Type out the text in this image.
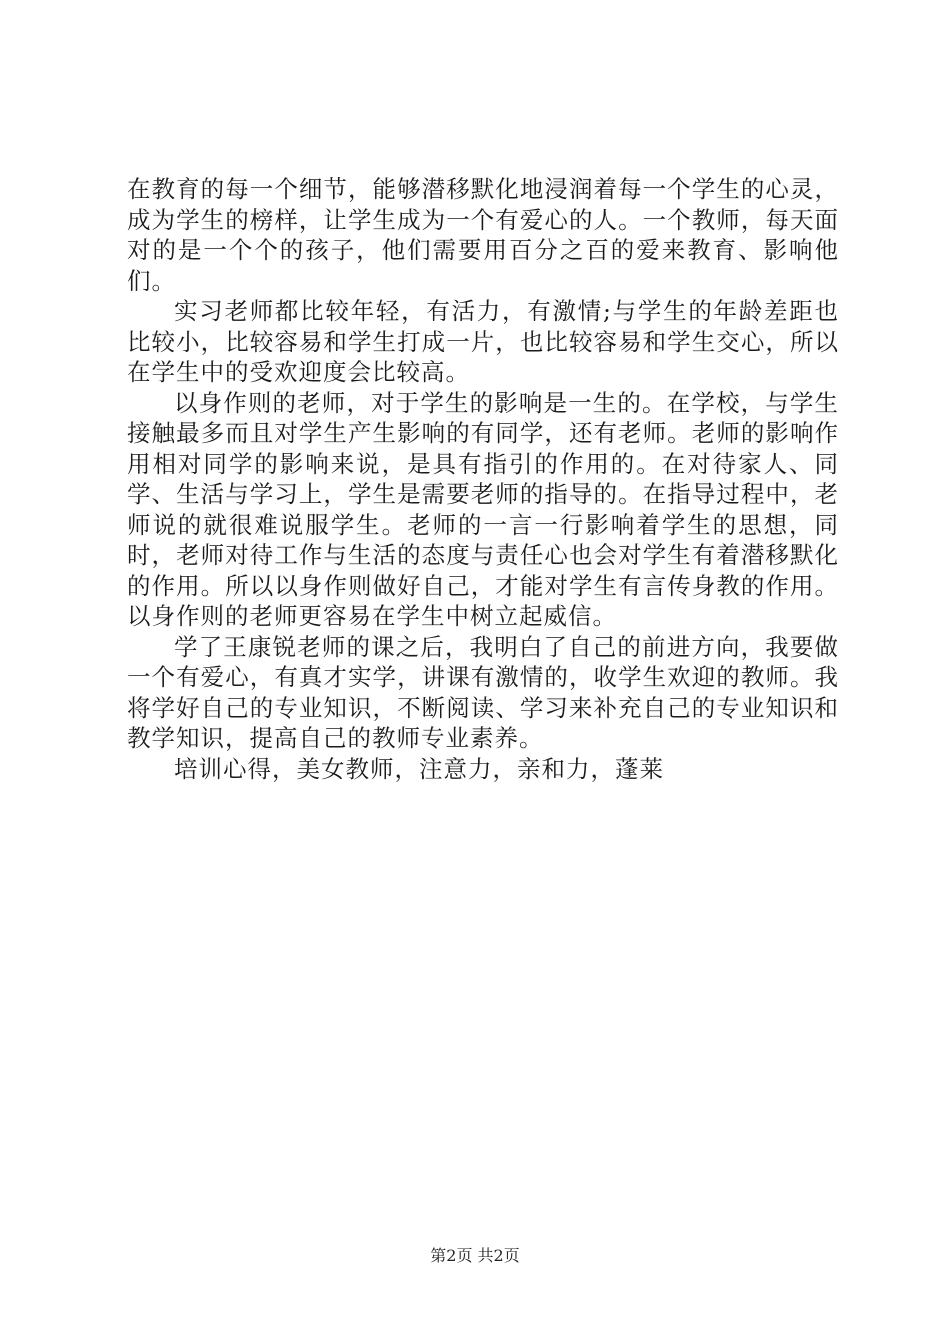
在教育的每一个细节，能够潜移默化地浸润着每一个学生的心灵，成为学生的榜样，让学生成为一个有爱心的人。一个教师，每天面对的是一个个的孩子，他们需要用百分之百的爱来教育、影响他们。

实习老师都比较年轻，有活力，有激情;与学生的年龄差距也比较小，比较容易和学生打成一片，也比较容易和学生交心，所以在学生中的受欢迎度会比较高。

以身作则的老师，对于学生的影响是一生的。在学校，与学生接触最多而且对学生产生影响的有同学，还有老师。老师的影响作用相对同学的影响来说，是具有指引的作用的。在对待家人、同学、生活与学习上，学生是需要老师的指导的。在指导过程中，老师说的就很难说服学生。老师的一言一行影响着学生的思想，同时，老师对待工作与生活的态度与责任心也会对学生有着潜移默化的作用。所以以身作则做好自己，才能对学生有言传身教的作用。以身作则的老师更容易在学生中树立起威信。

学了王康锐老师的课之后，我明白了自己的前进方向，我要做一个有爱心，有真才实学，讲课有激情的，收学生欢迎的教师。我将学好自己的专业知识，不断阅读、学习来补充自己的专业知识和教学知识，提高自己的教师专业素养。

培训心得，美女教师，注意力，亲和力，蓬莱

第2页 共2页
